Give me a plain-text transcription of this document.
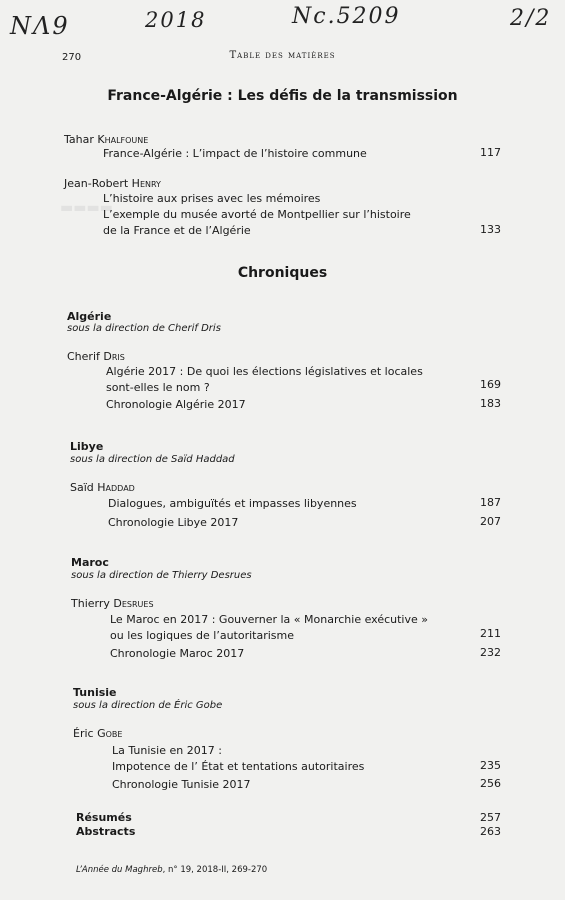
NΛ9	2018	Nc.5209	2/2
▬▬▬▬
270	Table des matières
France-Algérie : Les défis de la transmission
Tahar Khalfoune
France-Algérie : L’impact de l’histoire commune	117
Jean-Robert Henry
L’histoire aux prises avec les mémoires
L’exemple du musée avorté de Montpellier sur l’histoire
de la France et de l’Algérie	133
Chroniques
Algérie
sous la direction de Cherif Dris
Cherif Dris
Algérie 2017 : De quoi les élections législatives et locales
sont-elles le nom ?	169
Chronologie Algérie 2017	183
Libye
sous la direction de Saïd Haddad
Saïd Haddad
Dialogues, ambiguïtés et impasses libyennes	187
Chronologie Libye 2017	207
Maroc
sous la direction de Thierry Desrues
Thierry Desrues
Le Maroc en 2017 : Gouverner la « Monarchie exécutive »
ou les logiques de l’autoritarisme	211
Chronologie Maroc 2017	232
Tunisie
sous la direction de Éric Gobe
Éric Gobe
La Tunisie en 2017 :
Impotence de l’ État et tentations autoritaires	235
Chronologie Tunisie 2017	256
Résumés	257
Abstracts	263
L’Année du Maghreb, n° 19, 2018-II, 269-270
